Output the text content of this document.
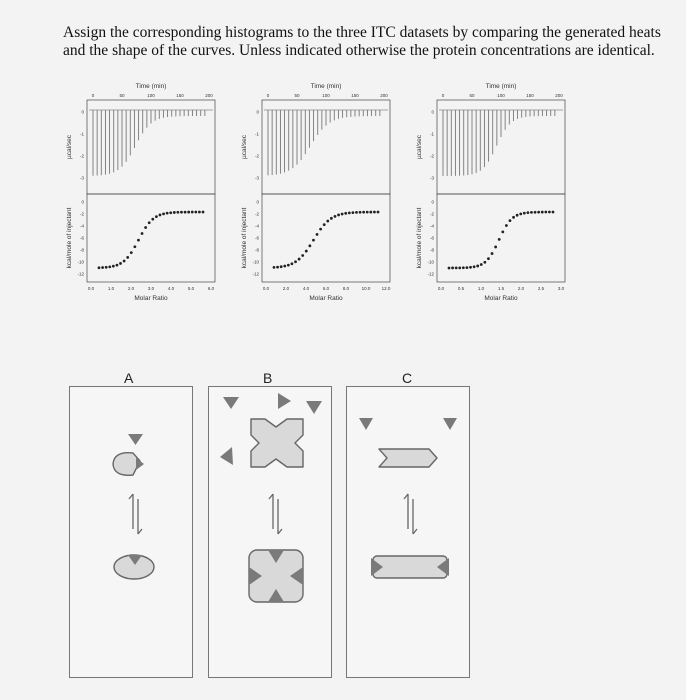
Assign the corresponding histograms to the three ITC datasets by comparing the generated heats
and the shape of the curves. Unless indicated otherwise the protein concentrations are identical.
Time (min)
0	50	100	150	200
µcal/sec
0
-1
-2
-3
kcal/mole of injectant
0
-2
-4
-6
-8
-10
-12
0.0	1.0	2.0	3.0	4.0	5.0	6.0
Molar Ratio
Time (min)
0	50	100	150	200
µcal/sec
0
-1
-2
-3
kcal/mole of injectant
0
-2
-4
-6
-8
-10
-12
0.0	2.0	4.0	6.0	8.0	10.0 12.0
Molar Ratio
Time (min)
0	50	100	150	200
µcal/sec
0
-1
-2
-3
kcal/mole of injectant
0
-2
-4
-6
-8
-10
-12
0.0	0.5	1.0	1.5	2.0	2.5	3.0
Molar Ratio
A	B	C
